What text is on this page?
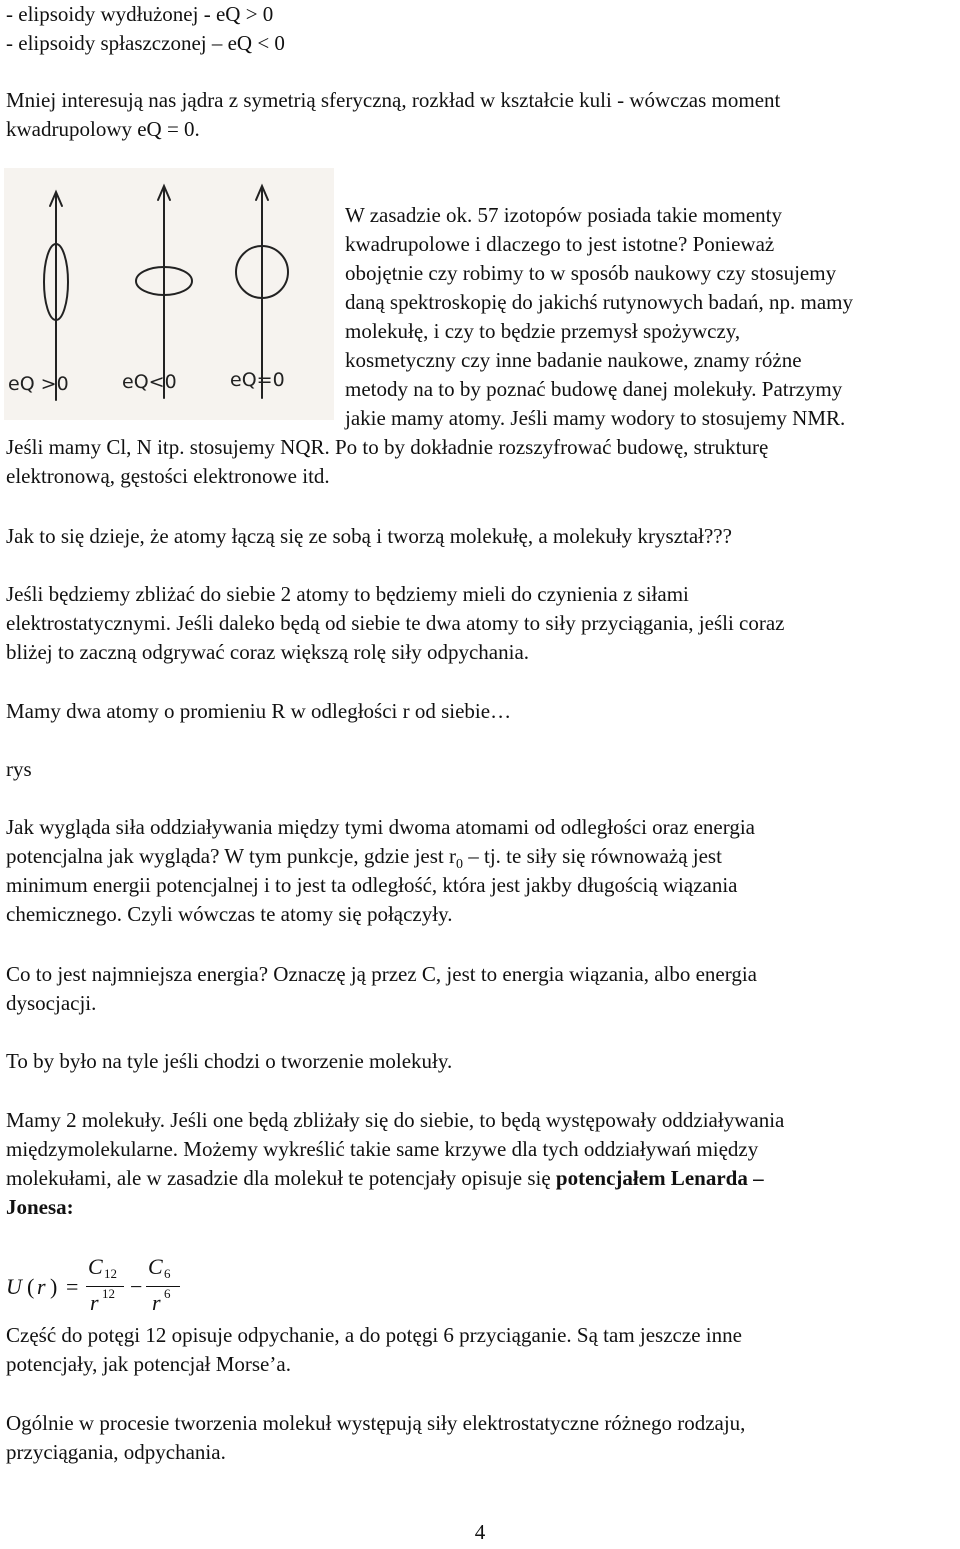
- elipsoidy wydłużonej - eQ > 0
- elipsoidy spłaszczonej – eQ < 0
Mniej interesują nas jądra z symetrią sferyczną, rozkład w kształcie kuli - wówczas moment
kwadrupolowy eQ = 0.
eQ >0	eQ<0	eQ=0
W zasadzie ok. 57 izotopów posiada takie momenty
kwadrupolowe i dlaczego to jest istotne? Ponieważ
obojętnie czy robimy to w sposób naukowy czy stosujemy
daną spektroskopię do jakichś rutynowych badań, np. mamy
molekułę, i czy to będzie przemysł spożywczy,
kosmetyczny czy inne badanie naukowe, znamy różne
metody na to by poznać budowę danej molekuły. Patrzymy
jakie mamy atomy. Jeśli mamy wodory to stosujemy NMR.
Jeśli mamy Cl, N itp. stosujemy NQR. Po to by dokładnie rozszyfrować budowę, strukturę
elektronową, gęstości elektronowe itd.
Jak to się dzieje, że atomy łączą się ze sobą i tworzą molekułę, a molekuły kryształ???
Jeśli będziemy zbliżać do siebie 2 atomy to będziemy mieli do czynienia z siłami
elektrostatycznymi. Jeśli daleko będą od siebie te dwa atomy to siły przyciągania, jeśli coraz
bliżej to zaczną odgrywać coraz większą rolę siły odpychania.
Mamy dwa atomy o promieniu R w odległości r od siebie…
rys
Jak wygląda siła oddziaływania między tymi dwoma atomami od odległości oraz energia
potencjalna jak wygląda? W tym punkcje, gdzie jest $r_0$ – tj. te siły się równoważą jest
minimum energii potencjalnej i to jest ta odległość, która jest jakby długością wiązania
chemicznego. Czyli wówczas te atomy się połączyły.
Co to jest najmniejsza energia? Oznaczę ją przez C, jest to energia wiązania, albo energia
dysocjacji.
To by było na tyle jeśli chodzi o tworzenie molekuły.
Mamy 2 molekuły. Jeśli one będą zbliżały się do siebie, to będą występowały oddziaływania
międzymolekularne. Możemy wykreślić takie same krzywe dla tych oddziaływań między
molekułami, ale w zasadzie dla molekuł te potencjały opisuje się potencjałem Lenarda –
Jonesa:
U ( r ) =
C 12
r 12 −
C 6
r 6
Część do potęgi 12 opisuje odpychanie, a do potęgi 6 przyciąganie. Są tam jeszcze inne
potencjały, jak potencjał Morse’a.
Ogólnie w procesie tworzenia molekuł występują siły elektrostatyczne różnego rodzaju,
przyciągania, odpychania.
4
